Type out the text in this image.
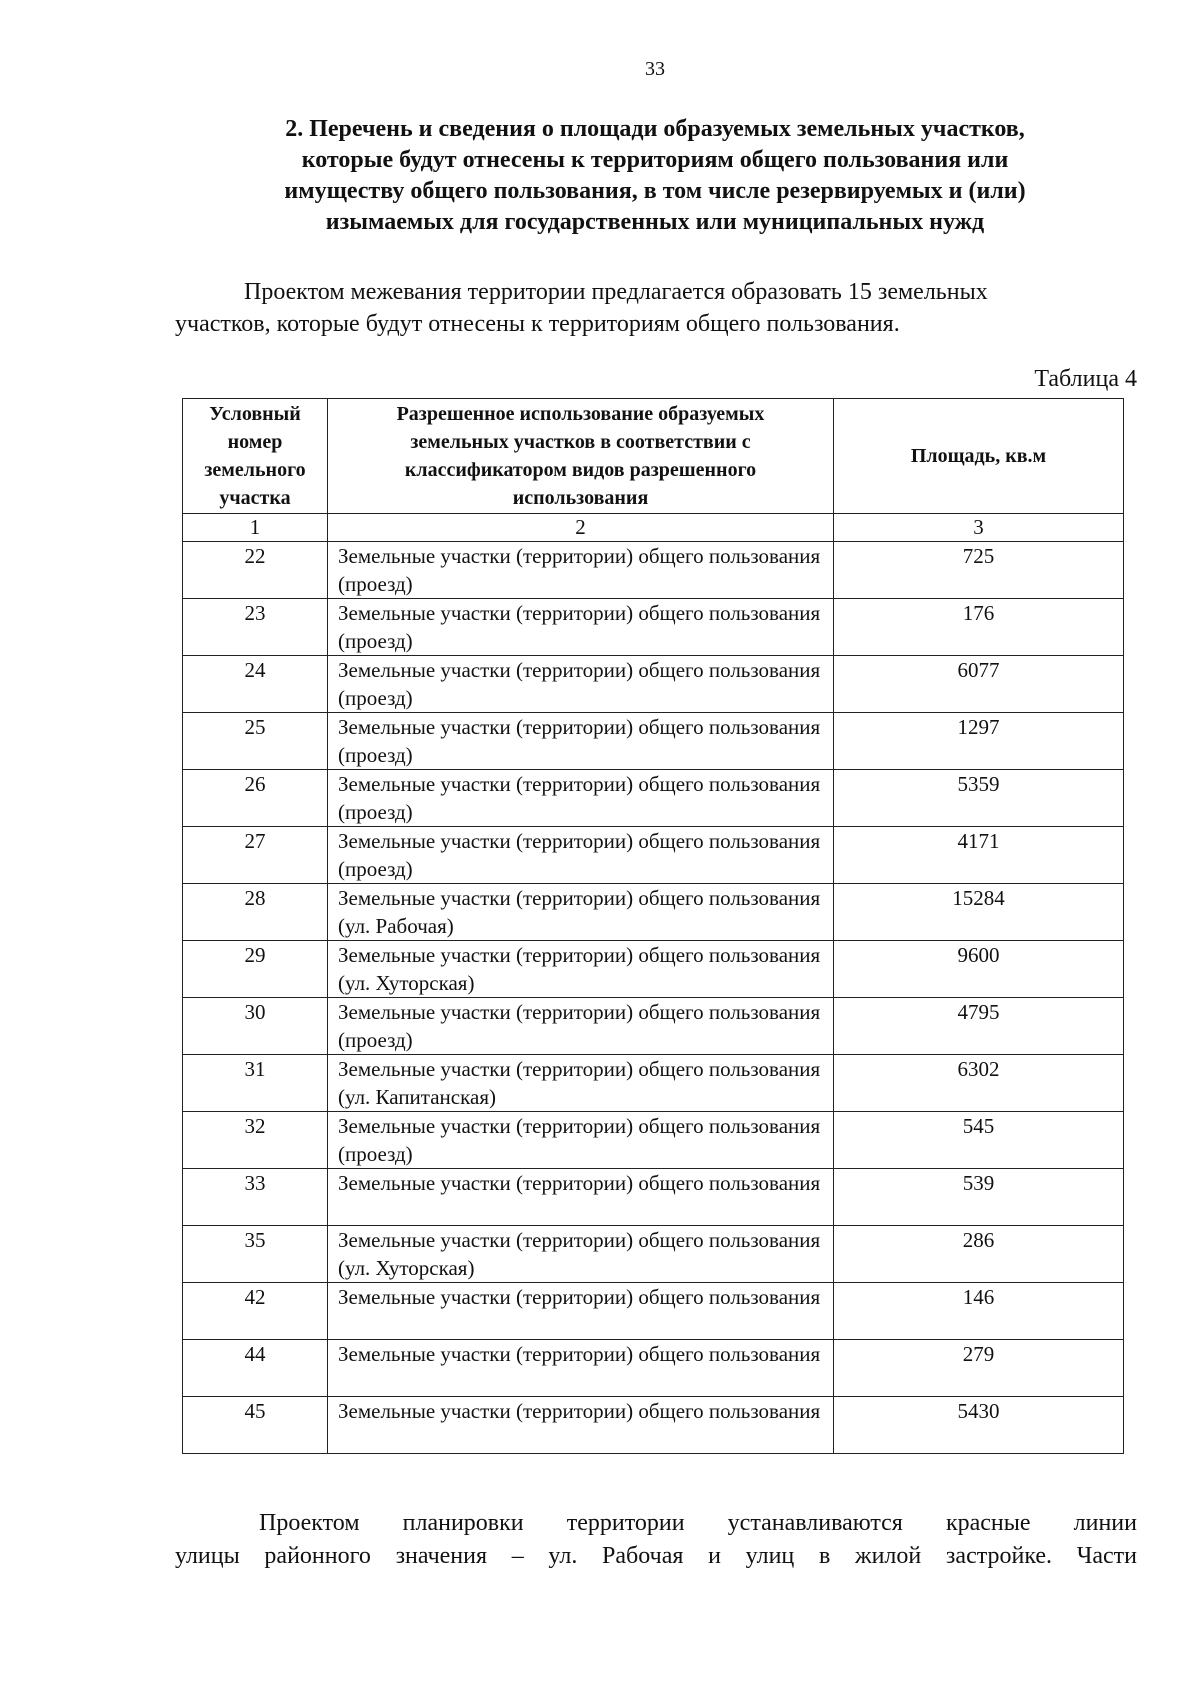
33
2. Перечень и сведения о площади образуемых земельных участков,
которые будут отнесены к территориям общего пользования или
имуществу общего пользования, в том числе резервируемых и (или)
изымаемых для государственных или муниципальных нужд
Проектом межевания территории предлагается образовать 15 земельных
участков, которые будут отнесены к территориям общего пользования.
Таблица 4
Условный номер земельного участка	Разрешенное использование образуемых земельных участков в соответствии с классификатором видов разрешенного использования	Площадь, кв.м
1	2	3
22	Земельные участки (территории) общего пользования (проезд)	725
23	Земельные участки (территории) общего пользования (проезд)	176
24	Земельные участки (территории) общего пользования (проезд)	6077
25	Земельные участки (территории) общего пользования (проезд)	1297
26	Земельные участки (территории) общего пользования (проезд)	5359
27	Земельные участки (территории) общего пользования (проезд)	4171
28	Земельные участки (территории) общего пользования (ул. Рабочая)	15284
29	Земельные участки (территории) общего пользования (ул. Хуторская)	9600
30	Земельные участки (территории) общего пользования (проезд)	4795
31	Земельные участки (территории) общего пользования (ул. Капитанская)	6302
32	Земельные участки (территории) общего пользования (проезд)	545
33	Земельные участки (территории) общего пользования	539
35	Земельные участки (территории) общего пользования (ул. Хуторская)	286
42	Земельные участки (территории) общего пользования	146
44	Земельные участки (территории) общего пользования	279
45	Земельные участки (территории) общего пользования	5430
Проектом планировки территории устанавливаются красные линии
улицы районного значения – ул. Рабочая и улиц в жилой застройке. Части
